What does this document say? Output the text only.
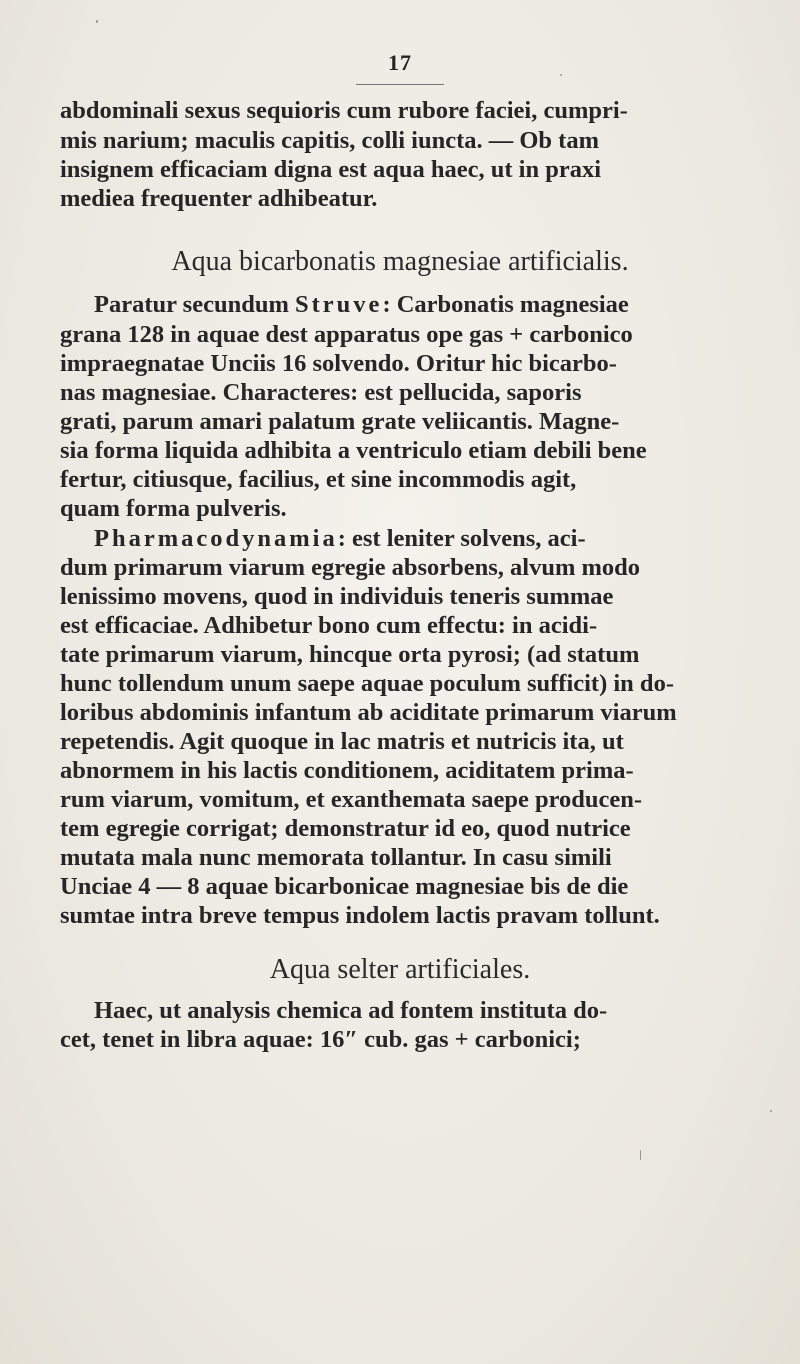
17
abdominali sexus sequioris cum rubore faciei, cumpri-
mis narium; maculis capitis, colli iuncta. — Ob tam
insignem efficaciam digna est aqua haec, ut in praxi
mediea frequenter adhibeatur.
Aqua bicarbonatis magnesiae artificialis.
Paratur secundum Struve: Carbonatis magnesiae
grana 128 in aquae dest apparatus ope gas + carbonico
impraegnatae Unciis 16 solvendo. Oritur hic bicarbo-
nas magnesiae. Characteres: est pellucida, saporis
grati, parum amari palatum grate veliicantis. Magne-
sia forma liquida adhibita a ventriculo etiam debili bene
fertur, citiusque, facilius, et sine incommodis agit,
quam forma pulveris.
Pharmacodynamia: est leniter solvens, aci-
dum primarum viarum egregie absorbens, alvum modo
lenissimo movens, quod in individuis teneris summae
est efficaciae. Adhibetur bono cum effectu: in acidi-
tate primarum viarum, hincque orta pyrosi; (ad statum
hunc tollendum unum saepe aquae poculum sufficit) in do-
loribus abdominis infantum ab aciditate primarum viarum
repetendis. Agit quoque in lac matris et nutricis ita, ut
abnormem in his lactis conditionem, aciditatem prima-
rum viarum, vomitum, et exanthemata saepe producen-
tem egregie corrigat; demonstratur id eo, quod nutrice
mutata mala nunc memorata tollantur. In casu simili
Unciae 4 — 8 aquae bicarbonicae magnesiae bis de die
sumtae intra breve tempus indolem lactis pravam tollunt.
Aqua selter artificiales.
Haec, ut analysis chemica ad fontem instituta do-
cet, tenet in libra aquae: 16″ cub. gas + carbonici;
